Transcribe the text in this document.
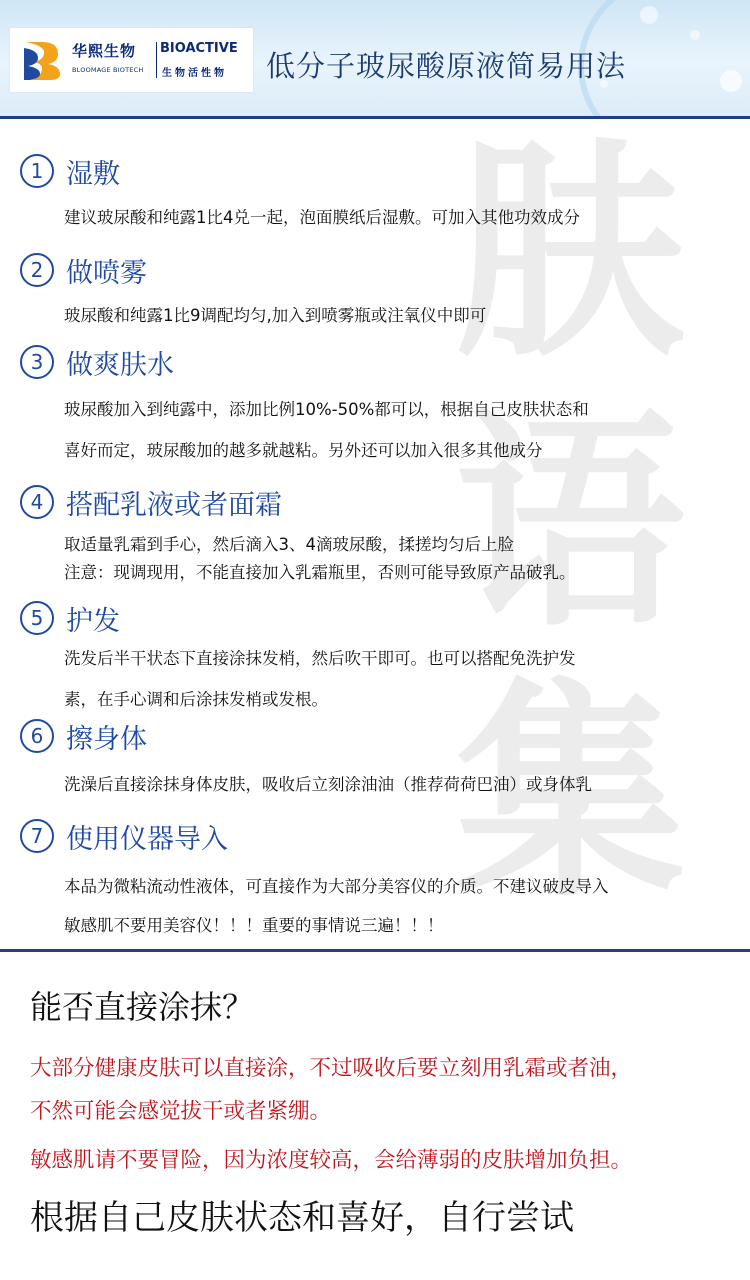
华熙生物 BIOACTIVE
BLOOMAGE BIOTECH 生物活性物 低分子玻尿酸原液简易用法
肤
语
集
1 湿敷
建议玻尿酸和纯露1比4兑一起，泡面膜纸后湿敷。可加入其他功效成分
2 做喷雾
玻尿酸和纯露1比9调配均匀,加入到喷雾瓶或注氧仪中即可
3 做爽肤水
玻尿酸加入到纯露中，添加比例10%-50%都可以，根据自己皮肤状态和
喜好而定，玻尿酸加的越多就越粘。另外还可以加入很多其他成分
4 搭配乳液或者面霜
取适量乳霜到手心，然后滴入3、4滴玻尿酸，揉搓均匀后上脸
注意：现调现用，不能直接加入乳霜瓶里，否则可能导致原产品破乳。
5 护发
洗发后半干状态下直接涂抹发梢，然后吹干即可。也可以搭配免洗护发
素，在手心调和后涂抹发梢或发根。
6 擦身体
洗澡后直接涂抹身体皮肤，吸收后立刻涂油油（推荐荷荷巴油）或身体乳
7 使用仪器导入
本品为微粘流动性液体，可直接作为大部分美容仪的介质。不建议破皮导入
敏感肌不要用美容仪！！！重要的事情说三遍！！！
能否直接涂抹？
大部分健康皮肤可以直接涂，不过吸收后要立刻用乳霜或者油，
不然可能会感觉拔干或者紧绷。
敏感肌请不要冒险，因为浓度较高，会给薄弱的皮肤增加负担。
根据自己皮肤状态和喜好，自行尝试
